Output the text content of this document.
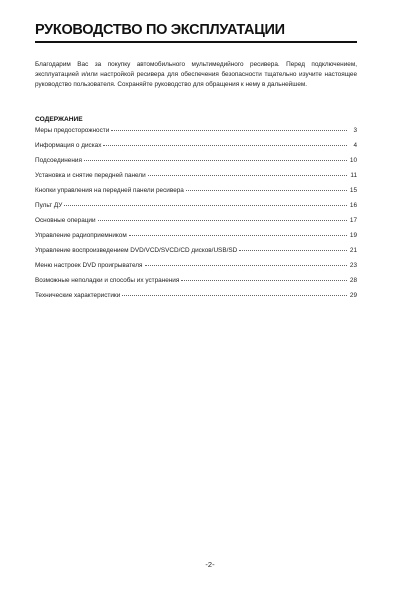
РУКОВОДСТВО ПО ЭКСПЛУАТАЦИИ

Благодарим Вас за покупку автомобильного мультимедийного ресивера. Перед подключением, эксплуатацией и/или настройкой ресивера для обеспечения безопасности тщательно изучите настоящее руководство пользователя. Сохраняйте руководство для обращения к нему в дальнейшем.

СОДЕРЖАНИЕ
Меры предосторожности	3
Информация о дисках	4
Подсоединения	10
Установка и снятие передней панели	11
Кнопки управления на передней панели ресивера	15
Пульт ДУ	16
Основные операции	17
Управление радиоприемником	19
Управление воспроизведением DVD/VCD/SVCD/CD дисков/USB/SD	21
Меню настроек DVD проигрывателя	23
Возможные неполадки и способы их устранения	28
Технические характеристики	29
-2-
